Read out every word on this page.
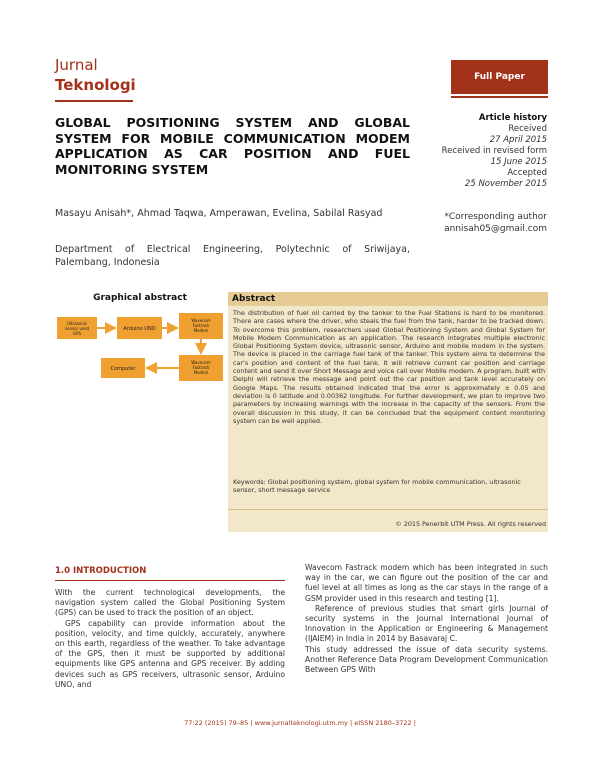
Jurnal
Teknologi	Full Paper
GLOBAL POSITIONING SYSTEM AND GLOBAL SYSTEM FOR MOBILE COMMUNICATION MODEM APPLICATION AS CAR POSITION AND FUEL MONITORING SYSTEM
Masayu Anisah*, Ahmad Taqwa, Amperawan, Evelina, Sabilal Rasyad
Department of Electrical Engineering, Polytechnic of Sriwijaya, Palembang, Indonesia
Article history
Received
27 April 2015
Received in revised form
15 June 2015
Accepted
25 November 2015
*Corresponding author
annisah05@gmail.com
Graphical abstract
Ultrasonic sensor used GPS
Arduino UNO
Wavecom Fastrack Modem
Wavecom Fastrack Modem
Computer
Abstract
The distribution of fuel oil carried by the tanker to the Fuel Stations is hard to be monitored. There are cases where the driver, who steals the fuel from the tank, harder to be tracked down. To overcome this problem, researchers used Global Positioning System and Global System for Mobile Modem Communication as an application. The research integrates multiple electronic Global Positioning System device, ultrasonic sensor, Arduino and mobile modem in the system. The device is placed in the carriage fuel tank of the tanker. This system aims to determine the car's position and content of the fuel tank. It will retrieve current car position and carriage content and send it over Short Message and voice call over Mobile modem. A program, built with Delphi will retrieve the message and point out the car position and tank level accurately on Google Maps. The results obtained indicated that the error is approximately ± 0.05 and deviation is 0 latitude and 0.00362 longitude. For further development, we plan to improve two parameters by increasing warnings with the increase in the capacity of the sensors. From the overall discussion in this study, it can be concluded that the equipment content monitoring system can be well applied.
Keywords: Global positioning system, global system for mobile communication, ultrasonic sensor, short message service
© 2015 Penerbit UTM Press. All rights reserved
1.0 INTRODUCTION

With the current technological developments, the navigation system called the Global Positioning System (GPS) can be used to track the position of an object.

GPS capability can provide information about the position, velocity, and time quickly, accurately, anywhere on this earth, regardless of the weather. To take advantage of the GPS, then it must be supported by additional equipments like GPS antenna and GPS receiver. By adding devices such as GPS receivers, ultrasonic sensor, Arduino UNO, and

Wavecom Fastrack modem which has been integrated in such way in the car, we can figure out the position of the car and fuel level at all times as long as the car stays in the range of a GSM provider used in this research and testing [1].

Reference of previous studies that smart girls Journal of security systems in the Journal International Journal of Innovation in the Application or Engineering & Management (IJAIEM) in India in 2014 by Basavaraj C.

This study addressed the issue of data security systems. Another Reference Data Program Development Communication Between GPS With

77:22 (2015) 79–85 | www.jurnalteknologi.utm.my | eISSN 2180–3722 |
